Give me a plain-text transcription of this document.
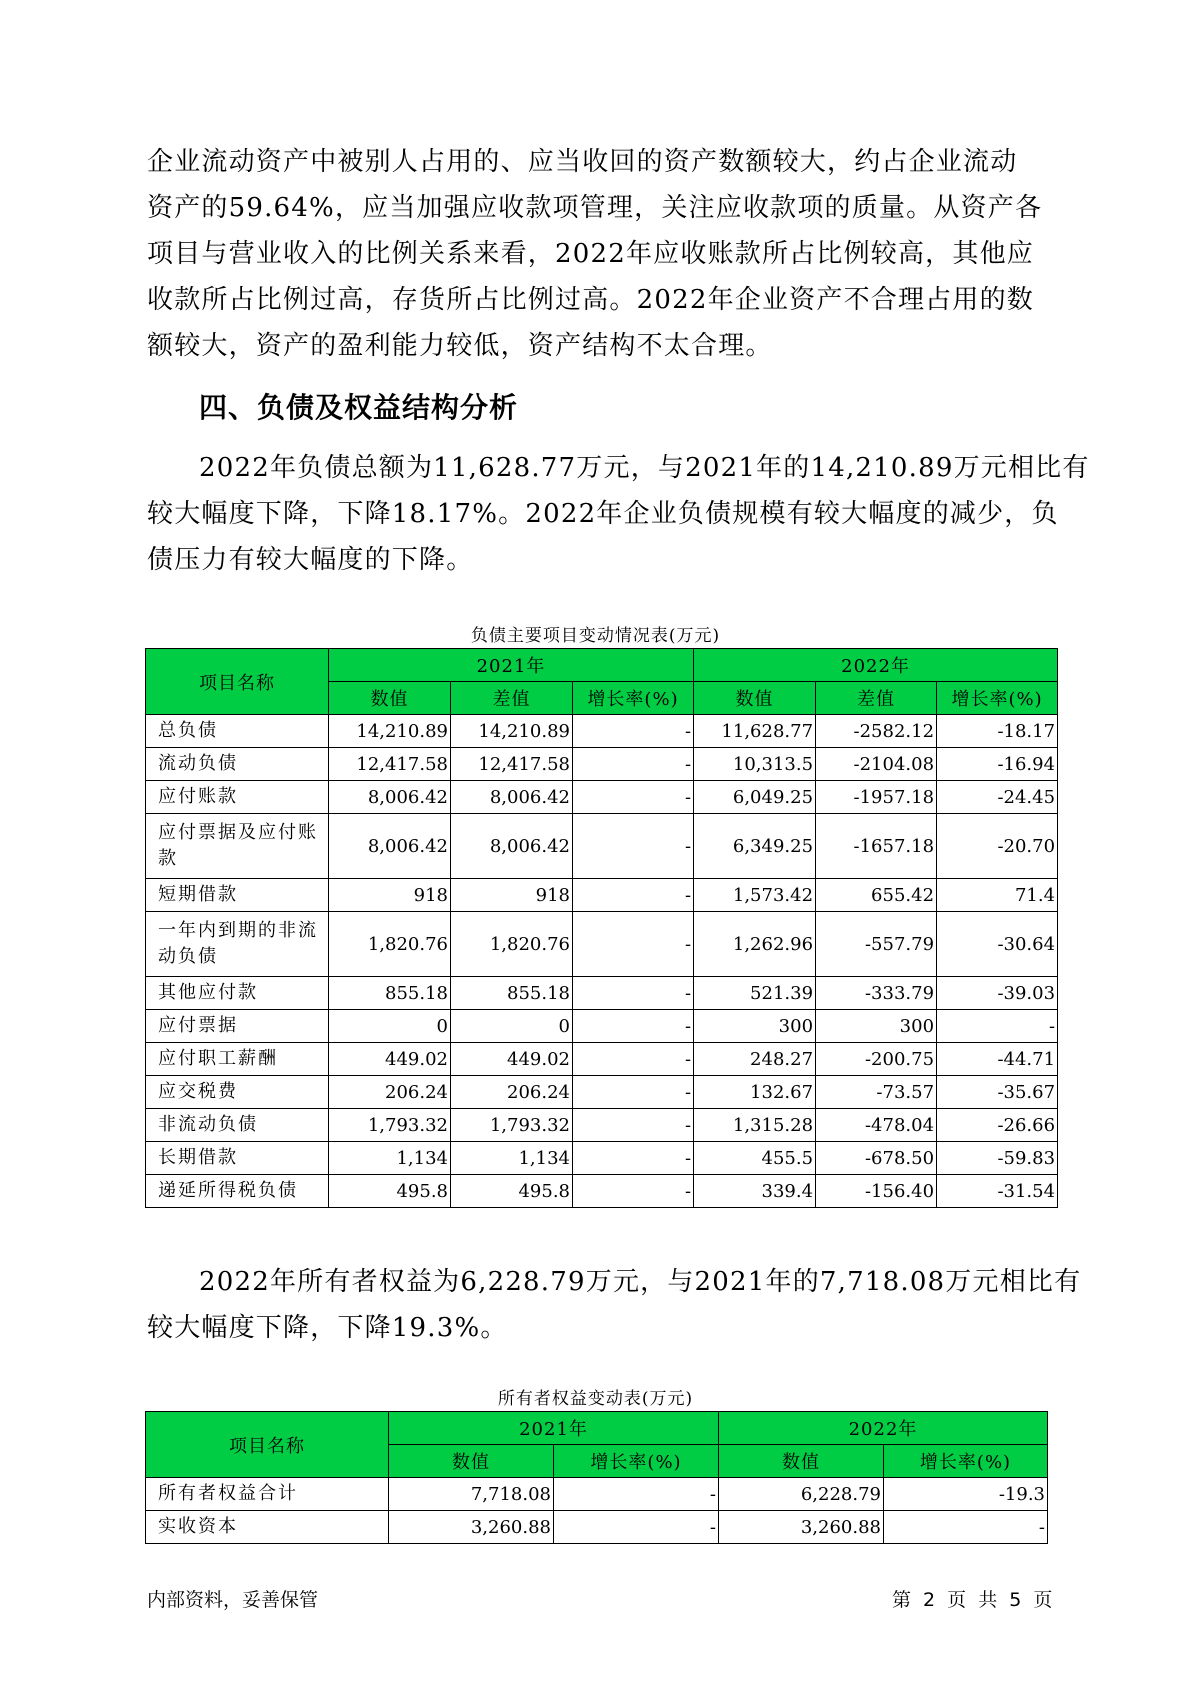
企业流动资产中被别人占用的、应当收回的资产数额较大，约占企业流动
资产的59.64%，应当加强应收款项管理，关注应收款项的质量。从资产各
项目与营业收入的比例关系来看，2022年应收账款所占比例较高，其他应
收款所占比例过高，存货所占比例过高。2022年企业资产不合理占用的数
额较大，资产的盈利能力较低，资产结构不太合理。
四、负债及权益结构分析
2022年负债总额为11,628.77万元，与2021年的14,210.89万元相比有
较大幅度下降，下降18.17%。2022年企业负债规模有较大幅度的减少，负
债压力有较大幅度的下降。

负债主要项目变动情况表(万元)

项目名称	2021年			2022年		
	数值	差值	增长率(%)	数值	差值	增长率(%)
总负债	14,210.89	14,210.89	-	11,628.77	-2582.12	-18.17
流动负债	12,417.58	12,417.58	-	10,313.5	-2104.08	-16.94
应付账款	8,006.42	8,006.42	-	6,049.25	-1957.18	-24.45
应付票据及应付账款	8,006.42	8,006.42	-	6,349.25	-1657.18	-20.70
短期借款	918	918	-	1,573.42	655.42	71.4
一年内到期的非流动负债	1,820.76	1,820.76	-	1,262.96	-557.79	-30.64
其他应付款	855.18	855.18	-	521.39	-333.79	-39.03
应付票据	0	0	-	300	300	-
应付职工薪酬	449.02	449.02	-	248.27	-200.75	-44.71
应交税费	206.24	206.24	-	132.67	-73.57	-35.67
非流动负债	1,793.32	1,793.32	-	1,315.28	-478.04	-26.66
长期借款	1,134	1,134	-	455.5	-678.50	-59.83
递延所得税负债	495.8	495.8	-	339.4	-156.40	-31.54
2022年所有者权益为6,228.79万元，与2021年的7,718.08万元相比有
较大幅度下降，下降19.3%。

所有者权益变动表(万元)

项目名称	2021年		2022年	
	数值	增长率(%)	数值	增长率(%)
所有者权益合计	7,718.08	-	6,228.79	-19.3
实收资本	3,260.88	-	3,260.88	-

内部资料，妥善保管	第 2 页 共 5 页
